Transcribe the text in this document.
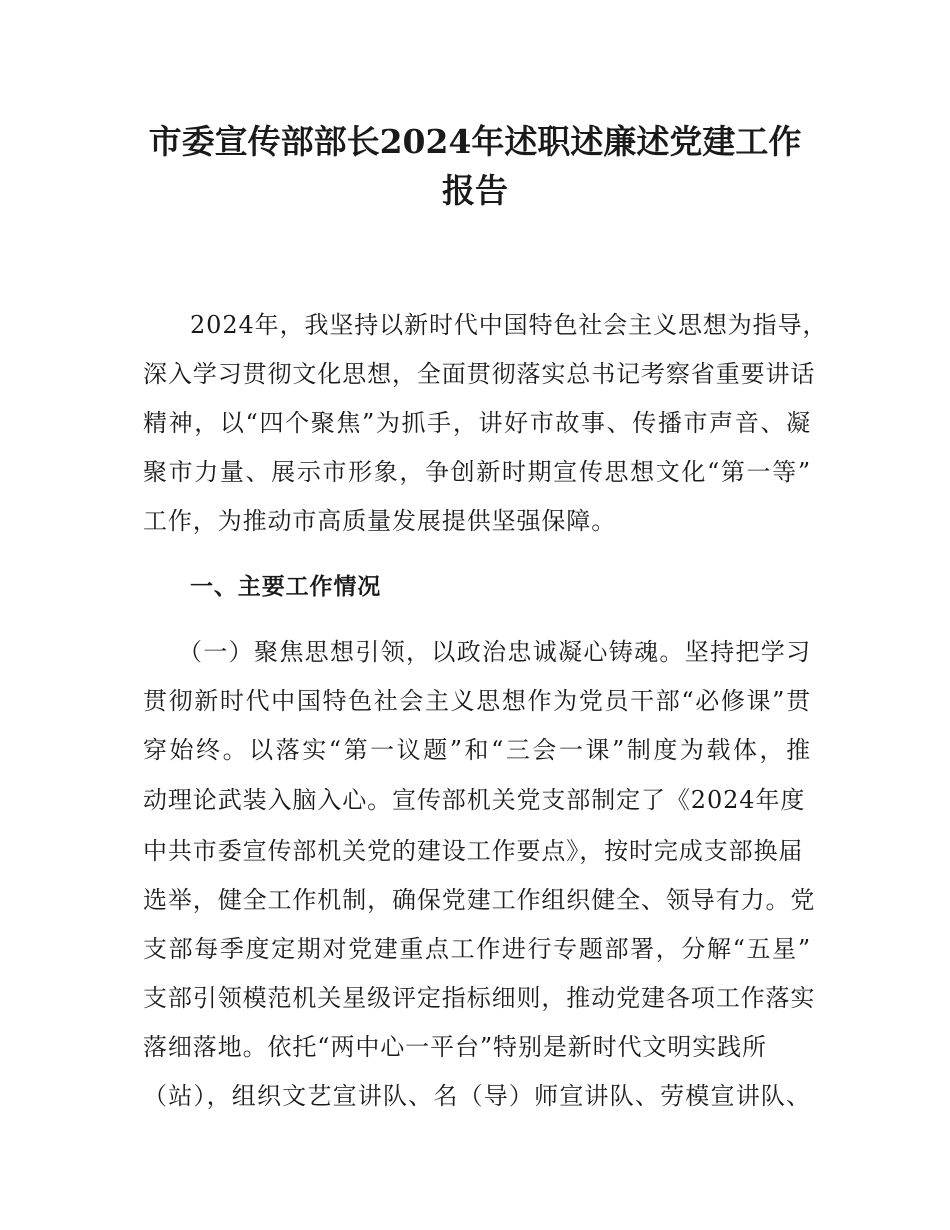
市委宣传部部长2024年述职述廉述党建工作
报告
2024年，我坚持以新时代中国特色社会主义思想为指导，
深入学习贯彻文化思想，全面贯彻落实总书记考察省重要讲话
精神，以“四个聚焦”为抓手，讲好市故事、传播市声音、凝
聚市力量、展示市形象，争创新时期宣传思想文化“第一等”
工作，为推动市高质量发展提供坚强保障。
一、主要工作情况
（一）聚焦思想引领，以政治忠诚凝心铸魂。坚持把学习
贯彻新时代中国特色社会主义思想作为党员干部“必修课”贯
穿始终。以落实“第一议题”和“三会一课”制度为载体，推
动理论武装入脑入心。宣传部机关党支部制定了《2024年度
中共市委宣传部机关党的建设工作要点》，按时完成支部换届
选举，健全工作机制，确保党建工作组织健全、领导有力。党
支部每季度定期对党建重点工作进行专题部署，分解“五星”
支部引领模范机关星级评定指标细则，推动党建各项工作落实
落细落地。依托“两中心一平台”特别是新时代文明实践所
（站），组织文艺宣讲队、名（导）师宣讲队、劳模宣讲队、
